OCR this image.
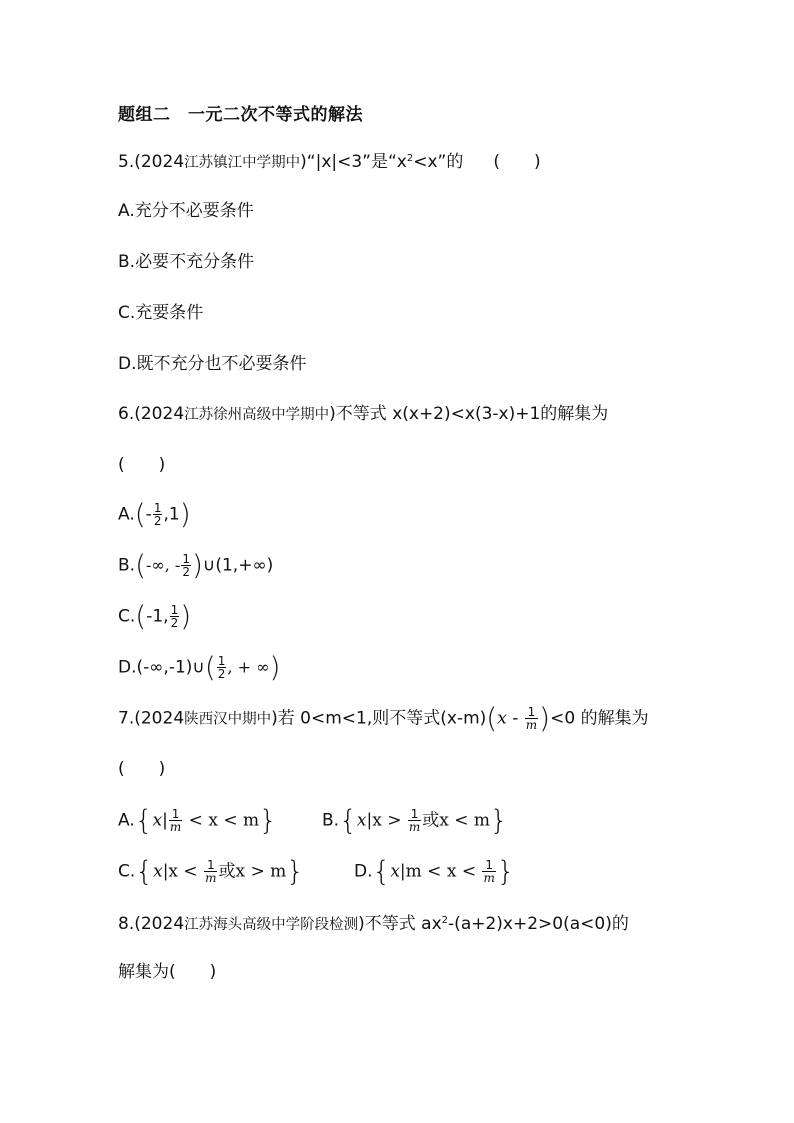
题组二　一元二次不等式的解法
5.(2024江苏镇江中学期中)“|x|<3”是“$x^2<x$”的 (　　)
A.充分不必要条件
B.必要不充分条件
C.充要条件
D.既不充分也不必要条件
6.(2024江苏徐州高级中学期中)不等式 x(x+2)<x(3-x)+1的解集为
(　　)
$A.(- \frac{1}{2} ,1)$
B.(-∞, - $\frac{1}{2}$ )∪(1,+∞)
C.(-1, $\frac{1}{2}$ )
D.(-∞,-1)∪( $\frac{1}{2}$ , + ∞)
7.(2024陕西汉中期中)若 0<m<1,则不等式$(x-m)(x - \frac{1}{m} )<0$ 的解集为
(　　)
$A.\{x| \frac{1}{m} < x < m\}$	$B.\{x|x > \frac{1}{m}$ 或x < m}
$C.\{x|x < \frac{1}{m}$ 或x > m}	$D.\{x|m < x < \frac{1}{m}$ }
8.(2024江苏海头高级中学阶段检测)不等式 $ax^2-(a+2)x+2>0(a<0)$的
解集为(　　)
